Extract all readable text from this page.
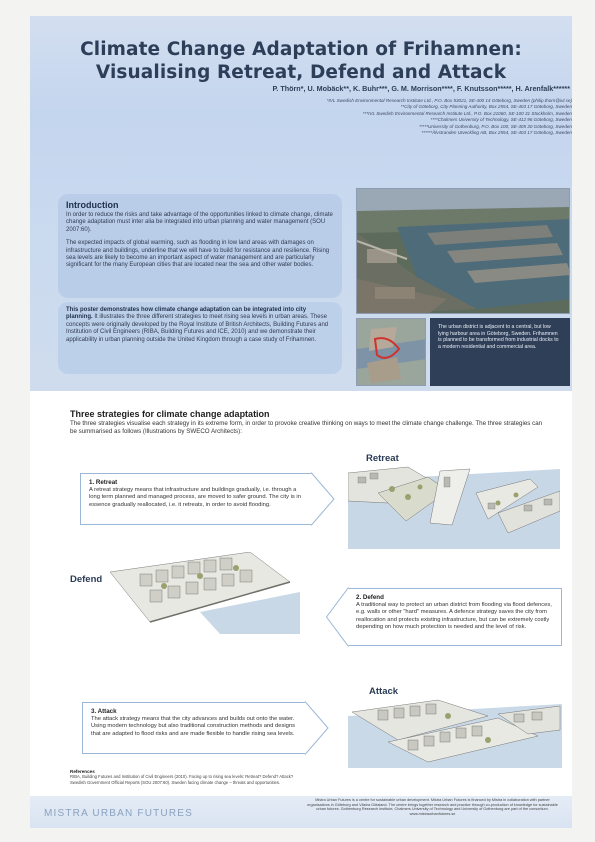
Climate Change Adaptation of Frihamnen:
Visualising Retreat, Defend and Attack
P. Thörn*, U. Mobäck**, K. Buhr***, G. M. Morrison****, F. Knutsson*****, H. Arenfalk******
*IVL Swedish Environmental Research Institute Ltd., P.O. Box 53021, SE-400 14 Göteborg, Sweden (philip.thorn@ivl.se)
**City of Göteborg, City Planning Authority, Box 2554, SE-403 17 Göteborg, Sweden
***IVL Swedish Environmental Research Institute Ltd., P.O. Box 21060, SE-100 31 Stockholm, Sweden
****Chalmers University of Technology, SE-412 96 Göteborg, Sweden
*****University of Gothenburg, P.O. Box 100, SE-405 30 Göteborg, Sweden
******Älvstranden Utveckling AB, Box 2554, SE-403 17 Göteborg, Sweden
Introduction

In order to reduce the risks and take advantage of the opportunities linked to climate change, climate change adaptation must inter alia be integrated into urban planning and water management (SOU 2007:60).

The expected impacts of global warming, such as flooding in low land areas with damages on infrastructure and buildings, underline that we will have to build for resistance and resilience. Rising sea levels are likely to become an important aspect of water management and are particularly significant for the many European cities that are located near the sea and other water bodies.

This poster demonstrates how climate change adaptation can be integrated into city planning. It illustrates the three different strategies to meet rising sea levels in urban areas. These concepts were originally developed by the Royal Institute of British Architects, Building Futures and Institution of Civil Engineers (RIBA, Building Futures and ICE, 2010) and we demonstrate their applicability in urban planning outside the United Kingdom through a case study of Frihamnen.

The urban district is adjacent to a central, but low lying harbour area in Göteborg, Sweden. Frihamnen is planned to be transformed from industrial docks to a modern residential and commercial area.
Three strategies for climate change adaptation
The three strategies visualise each strategy in its extreme form, in order to provoke creative thinking on ways to meet the climate change challenge. The three strategies can be summarised as follows (Illustrations by SWECO Architects):
Retreat
1. Retreat
A retreat strategy means that infrastructure and buildings gradually, i.e. through a long term planned and managed process, are moved to safer ground. The city is in essence gradually reallocated, i.e. it retreats, in order to avoid flooding.
Defend
2. Defend
A traditional way to protect an urban district from flooding via flood defences, e.g. walls or other "hard" measures. A defence strategy saves the city from reallocation and protects existing infrastructure, but can be extremely costly depending on how much protection is needed and the level of risk.
Attack
3. Attack
The attack strategy means that the city advances and builds out onto the water. Using modern technology but also traditional construction methods and designs that are adapted to flood risks and are made flexible to handle rising sea levels.
References
RIBA, Building Futures and Institution of Civil Engineers (2010). Facing up to rising sea levels: Retreat? Defend? Attack?
Swedish Government Official Reports (SOU 2007:60). Sweden facing climate change – threats and opportunities.
MISTRA URBAN FUTURES
Mistra Urban Futures is a centre for sustainable urban development. Mistra Urban Futures is financed by Mistra in collaboration with partner organisations in Göteborg and Västra Götaland. The centre brings together research and practice through co-production of knowledge for sustainable urban futures. Gothenburg Research Institute, Chalmers University of Technology and University of Gothenburg are part of the consortium. www.mistraurbanfutures.se
